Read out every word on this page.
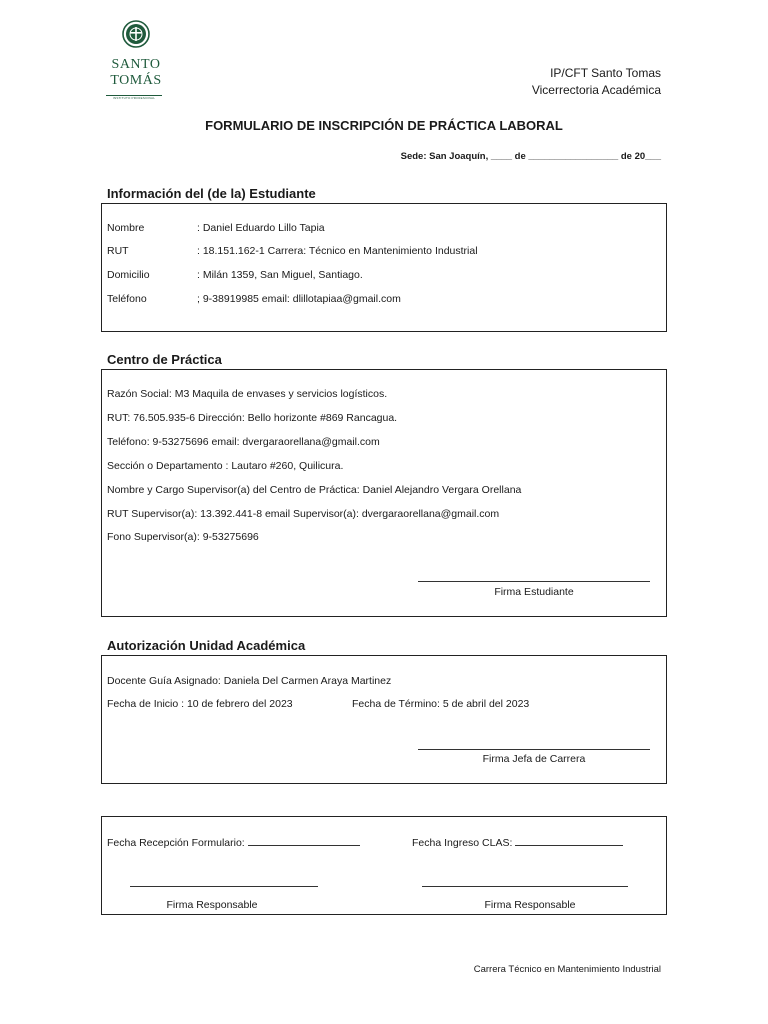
SANTO
TOMÁS
INSTITUTO PROFESIONAL
IP/CFT Santo Tomas
Vicerrectoria Académica
FORMULARIO DE INSCRIPCIÓN DE PRÁCTICA LABORAL
Sede: San Joaquín, ____ de _________________ de 20___
Información del (de la) Estudiante
Nombre	: Daniel Eduardo Lillo Tapia
RUT	: 18.151.162-1 Carrera: Técnico en Mantenimiento Industrial
Domicilio	: Milán 1359, San Miguel, Santiago.
Teléfono	; 9-38919985 email: dlillotapiaa@gmail.com
Centro de Práctica
Razón Social: M3 Maquila de envases y servicios logísticos.
RUT: 76.505.935-6 Dirección: Bello horizonte #869 Rancagua.
Teléfono: 9-53275696 email: dvergaraorellana@gmail.com
Sección o Departamento : Lautaro #260, Quilicura.
Nombre y Cargo Supervisor(a) del Centro de Práctica: Daniel Alejandro Vergara Orellana
RUT Supervisor(a): 13.392.441-8 email Supervisor(a): dvergaraorellana@gmail.com
Fono Supervisor(a): 9-53275696
Firma Estudiante
Autorización Unidad Académica
Docente Guía Asignado: Daniela Del Carmen Araya Martinez
Fecha de Inicio : 10 de febrero del 2023	Fecha de Término: 5 de abril del 2023
Firma Jefa de Carrera
Fecha Recepción Formulario:	Fecha Ingreso CLAS:
Firma Responsable	Firma Responsable
Carrera Técnico en Mantenimiento Industrial
